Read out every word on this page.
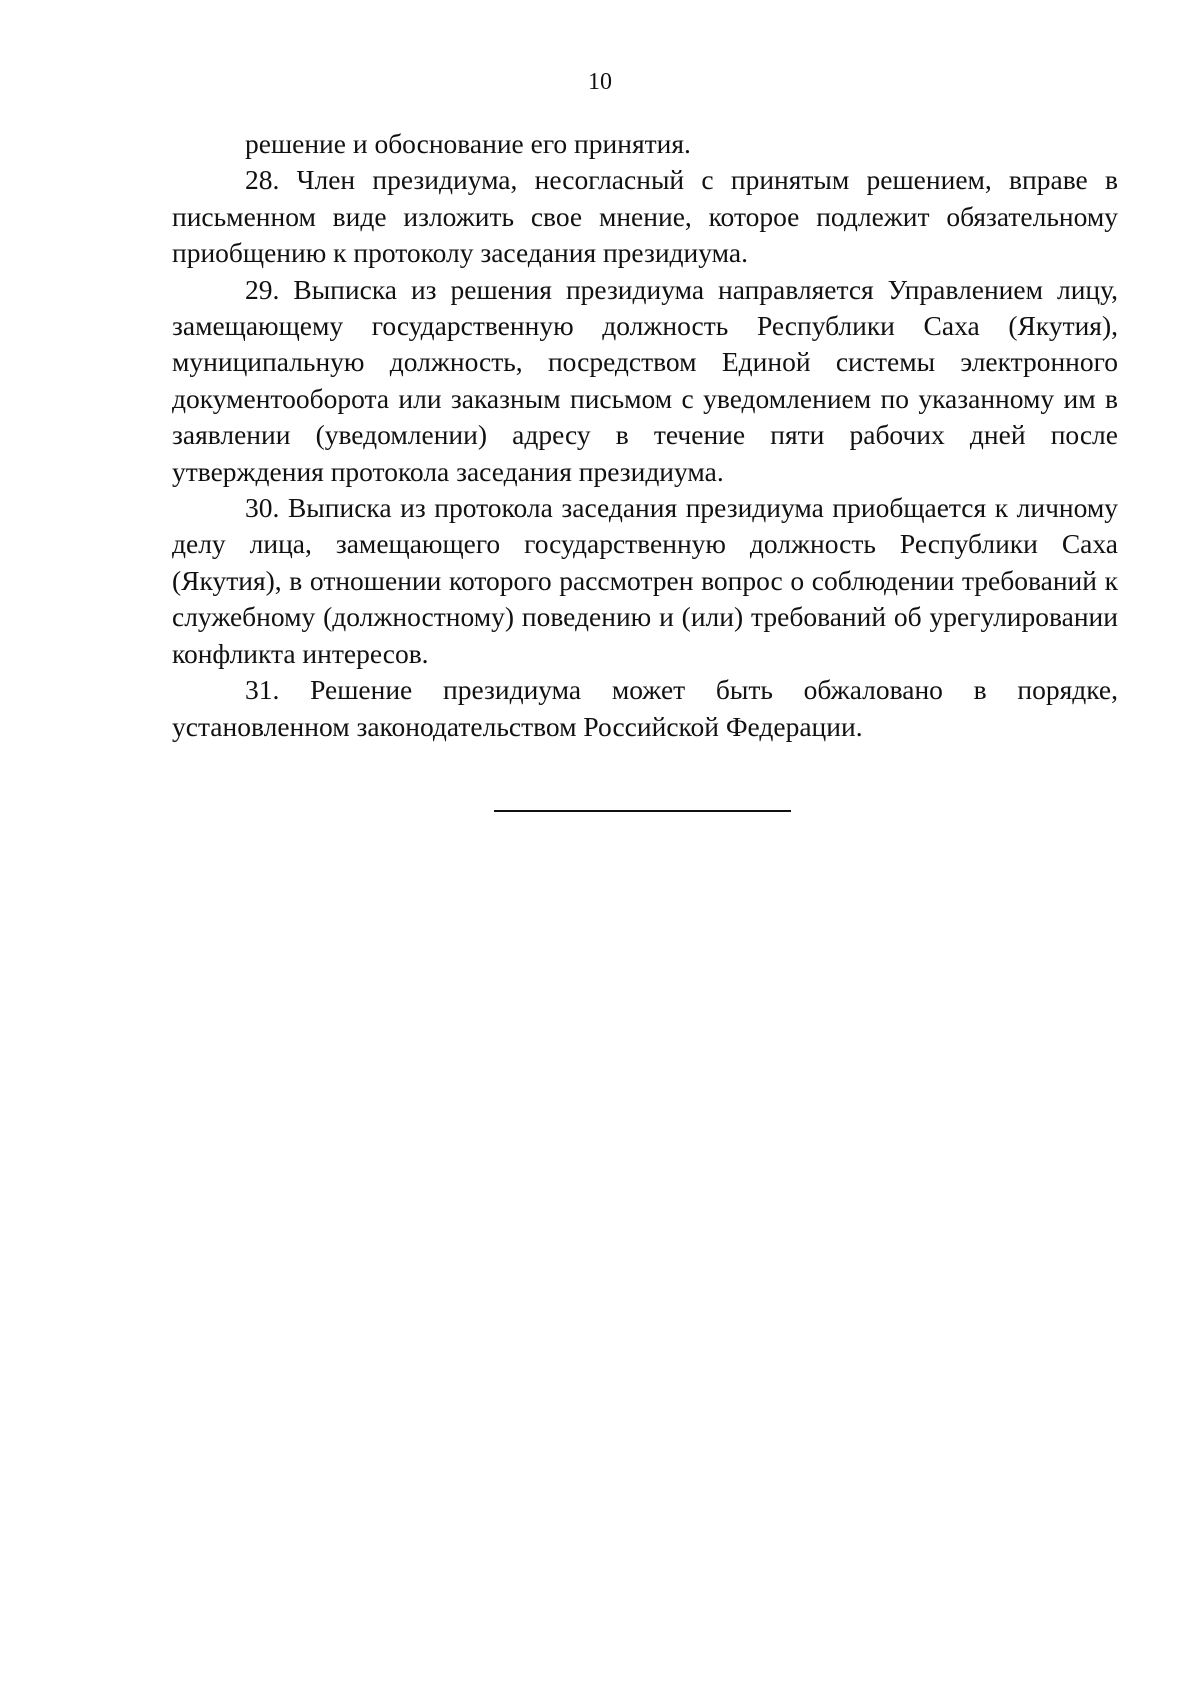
10

решение и обоснование его принятия.

28. Член президиума, несогласный с принятым решением, вправе в письменном виде изложить свое мнение, которое подлежит обязательному приобщению к протоколу заседания президиума.

29. Выписка из решения президиума направляется Управлением лицу, замещающему государственную должность Республики Саха (Якутия), муниципальную должность, посредством Единой системы электронного документооборота или заказным письмом с уведомлением по указанному им в заявлении (уведомлении) адресу в течение пяти рабочих дней после утверждения протокола заседания президиума.

30. Выписка из протокола заседания президиума приобщается к личному делу лица, замещающего государственную должность Республики Саха (Якутия), в отношении которого рассмотрен вопрос о соблюдении требований к служебному (должностному) поведению и (или) требований об урегулировании конфликта интересов.

31. Решение президиума может быть обжаловано в порядке, установленном законодательством Российской Федерации.
